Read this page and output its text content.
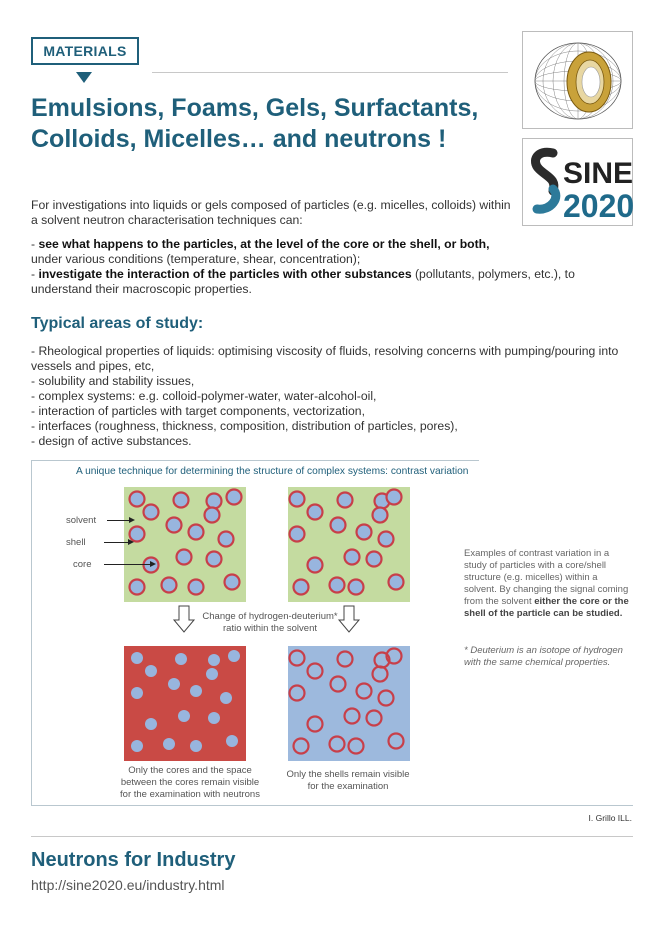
MATERIALS
Emulsions, Foams, Gels, Surfactants, Colloids, Micelles… and neutrons !
SINE
2020

For investigations into liquids or gels composed of particles (e.g. micelles, colloids) within a solvent neutron characterisation techniques can:

- see what happens to the particles, at the level of the core or the shell, or both,
under various conditions (temperature, shear, concentration);
- investigate the interaction of the particles with other substances (pollutants, polymers, etc.), to understand their macroscopic properties.
Typical areas of study:
- Rheological properties of liquids: optimising viscosity of fluids, resolving concerns with pumping/pouring into vessels and pipes, etc,
- solubility and stability issues,
- complex systems: e.g. colloid-polymer-water, water-alcohol-oil,
- interaction of particles with target components, vectorization,
- interfaces (roughness, thickness, composition, distribution of particles, pores),
- design of active substances.
A unique technique for determining the structure of complex systems: contrast variation
solvent
shell
core
Change of hydrogen-deuterium* ratio within the solvent
Only the cores and the space between the cores remain visible for the examination with neutrons
Only the shells remain visible for the examination
Examples of contrast variation in a study of particles with a core/shell structure (e.g. micelles) within a solvent. By changing the signal coming from the solvent either the core or the shell of the particle can be studied.
* Deuterium is an isotope of hydrogen with the same chemical properties.
I. Grillo ILL.
Neutrons for Industry
http://sine2020.eu/industry.html
